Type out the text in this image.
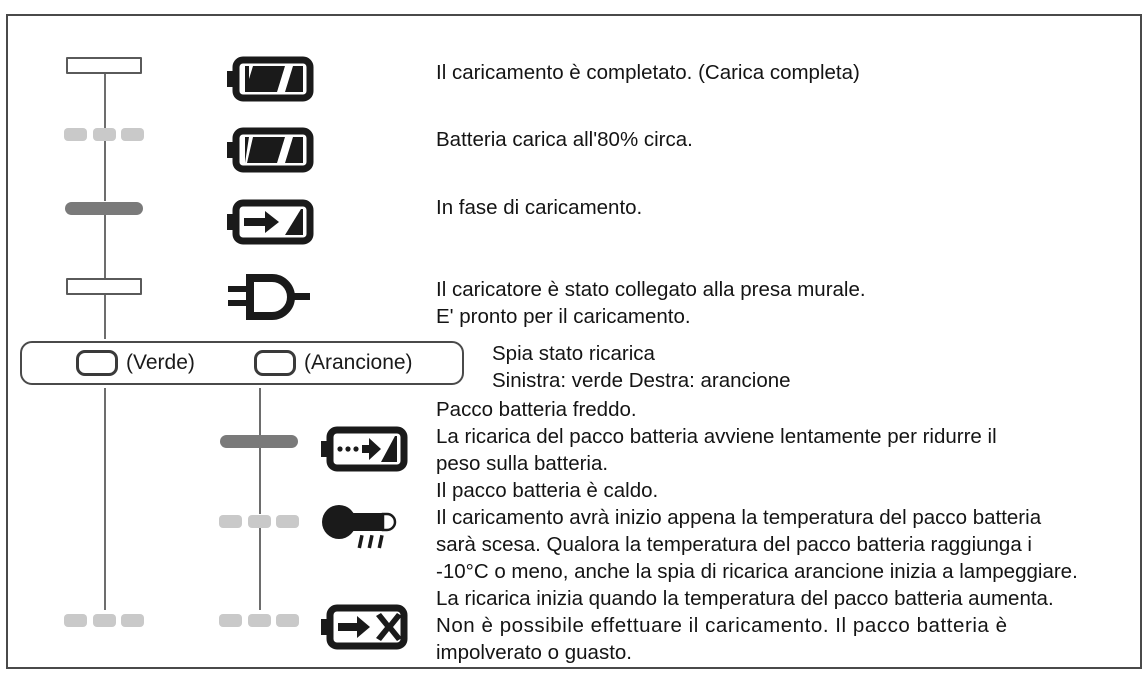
(Verde)	(Arancione)
Il caricamento è completato. (Carica completa)
Batteria carica all'80% circa.
In fase di caricamento.
Il caricatore è stato collegato alla presa murale.
E' pronto per il caricamento.
Spia stato ricarica
Sinistra: verde Destra: arancione
Pacco batteria freddo.
La ricarica del pacco batteria avviene lentamente per ridurre il
peso sulla batteria.
Il pacco batteria è caldo.
Il caricamento avrà inizio appena la temperatura del pacco batteria
sarà scesa. Qualora la temperatura del pacco batteria raggiunga i
-10°C o meno, anche la spia di ricarica arancione inizia a lampeggiare.
La ricarica inizia quando la temperatura del pacco batteria aumenta.
Non è possibile effettuare il caricamento. Il pacco batteria è
impolverato o guasto.
